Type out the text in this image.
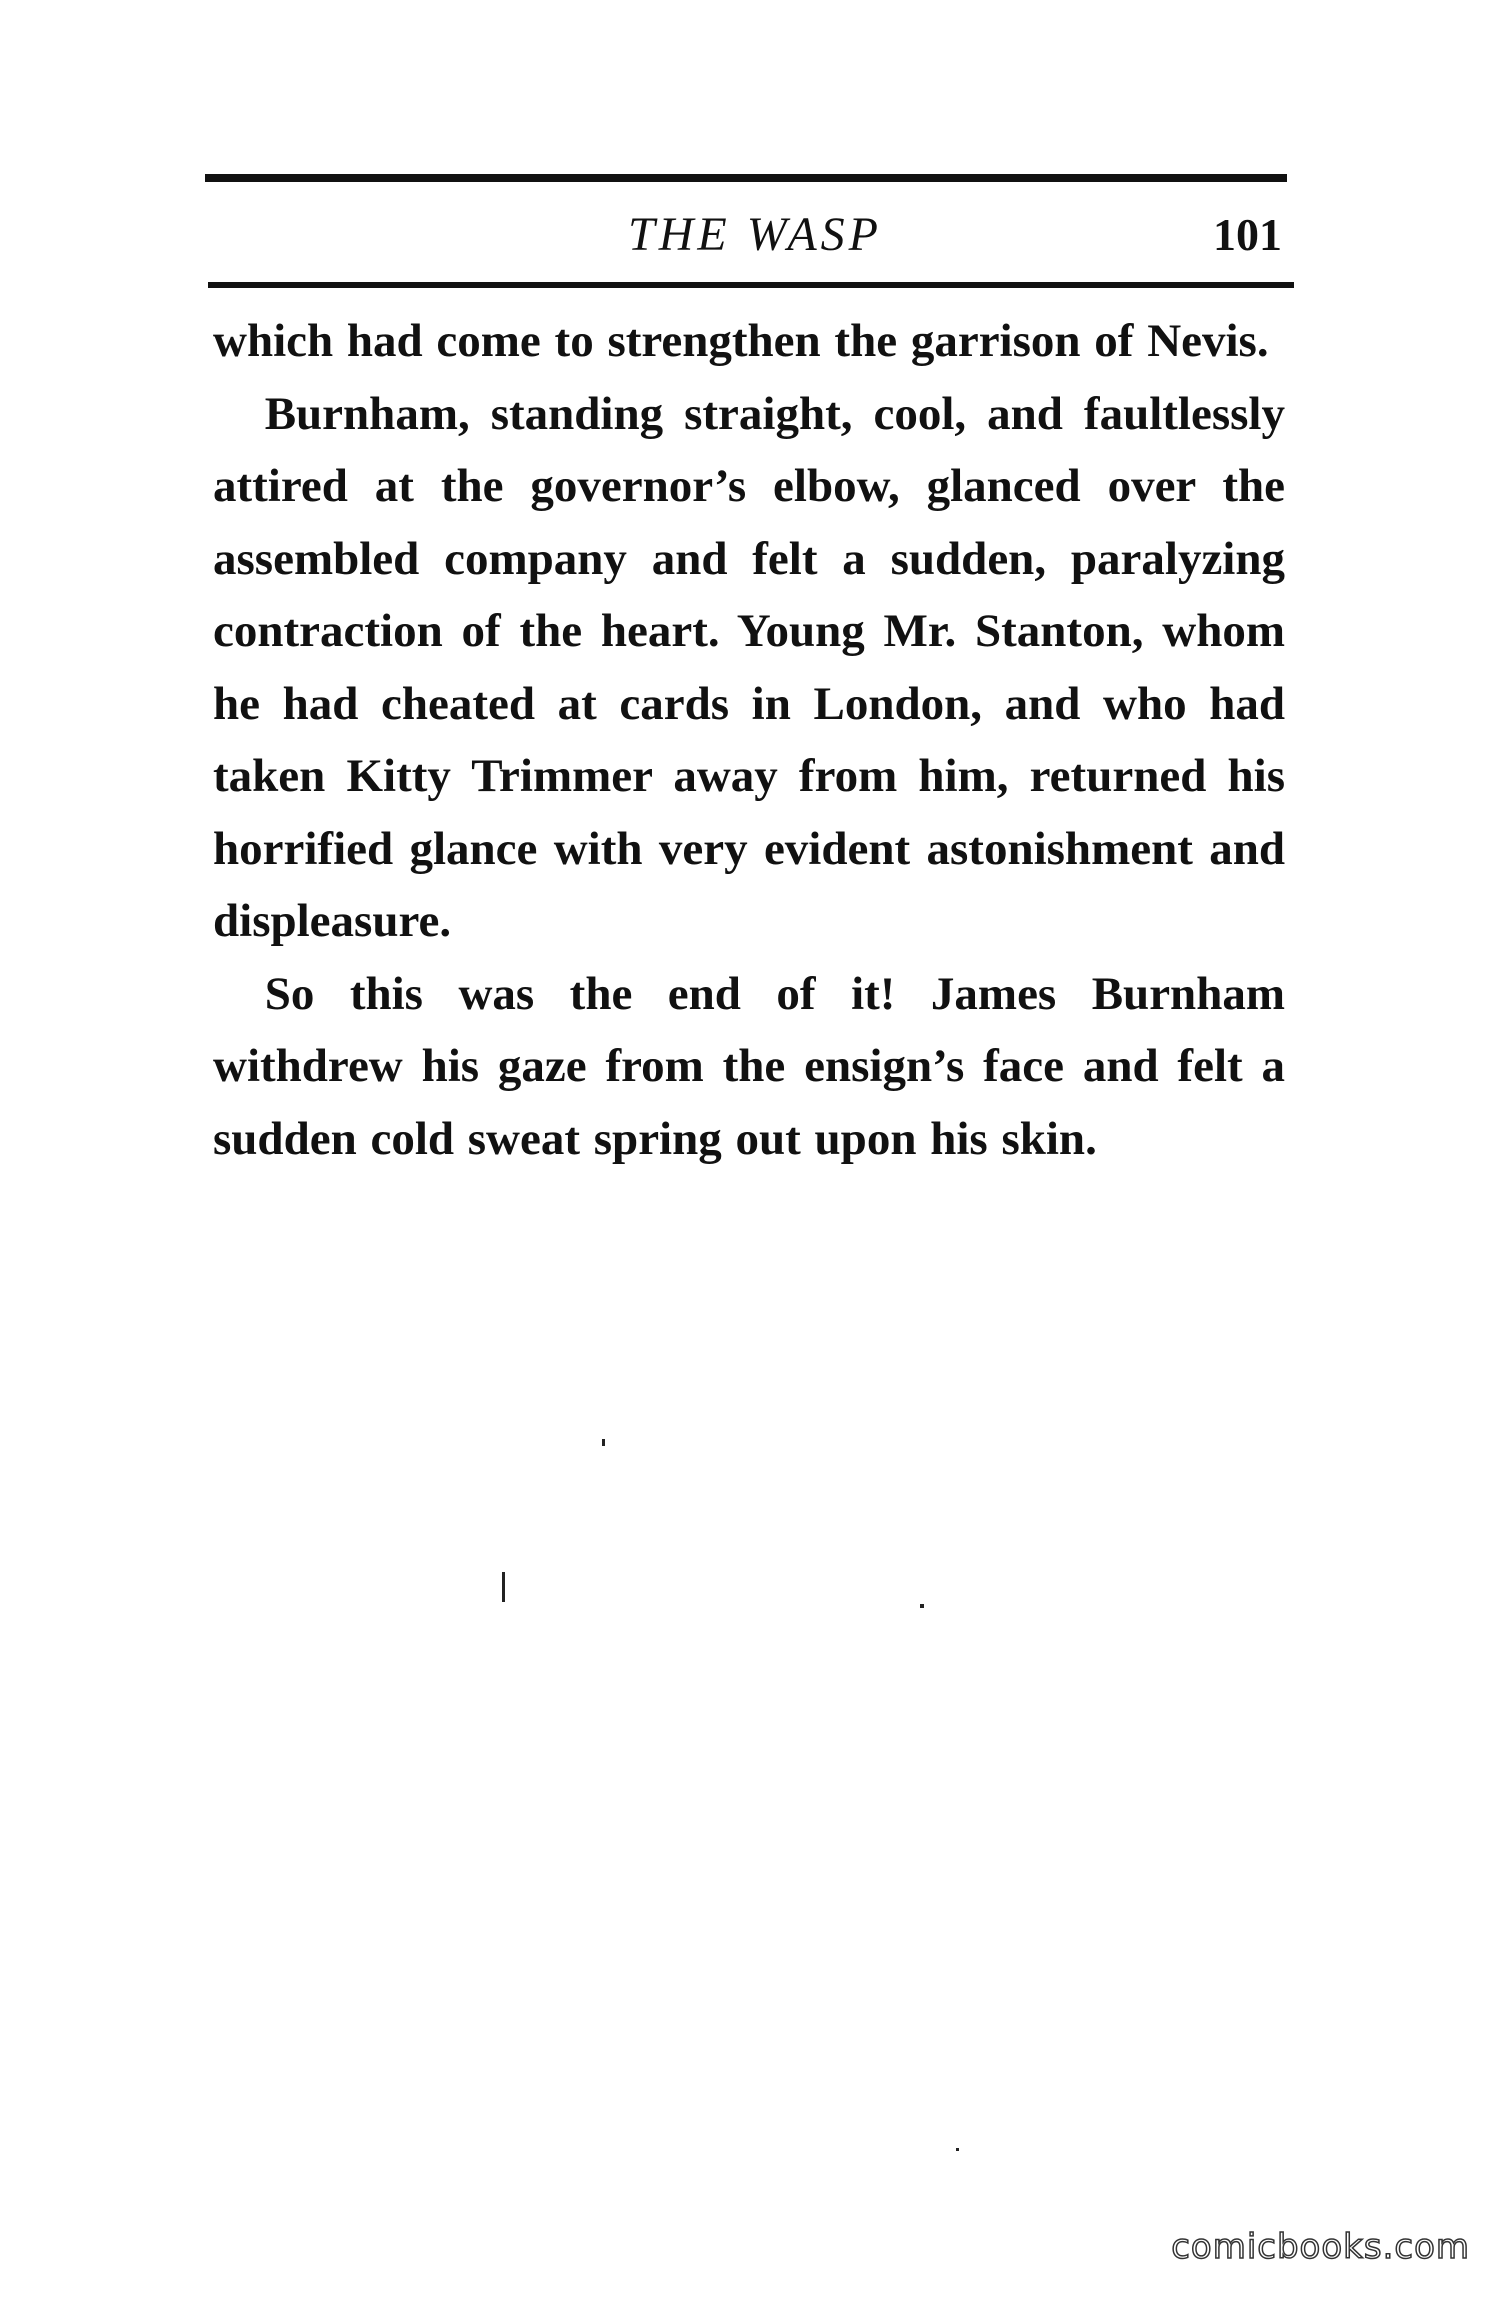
THE WASP	101

which had come to strengthen the garrison of Nevis.

Burnham, standing straight, cool, and faultlessly attired at the governor’s elbow, glanced over the assembled company and felt a sudden, paralyzing contraction of the heart. Young Mr. Stanton, whom he had cheated at cards in London, and who had taken Kitty Trimmer away from him, returned his horrified glance with very evident astonishment and displeasure.

So this was the end of it! James Burnham withdrew his gaze from the ensign’s face and felt a sudden cold sweat spring out upon his skin.

comicbooks.com
